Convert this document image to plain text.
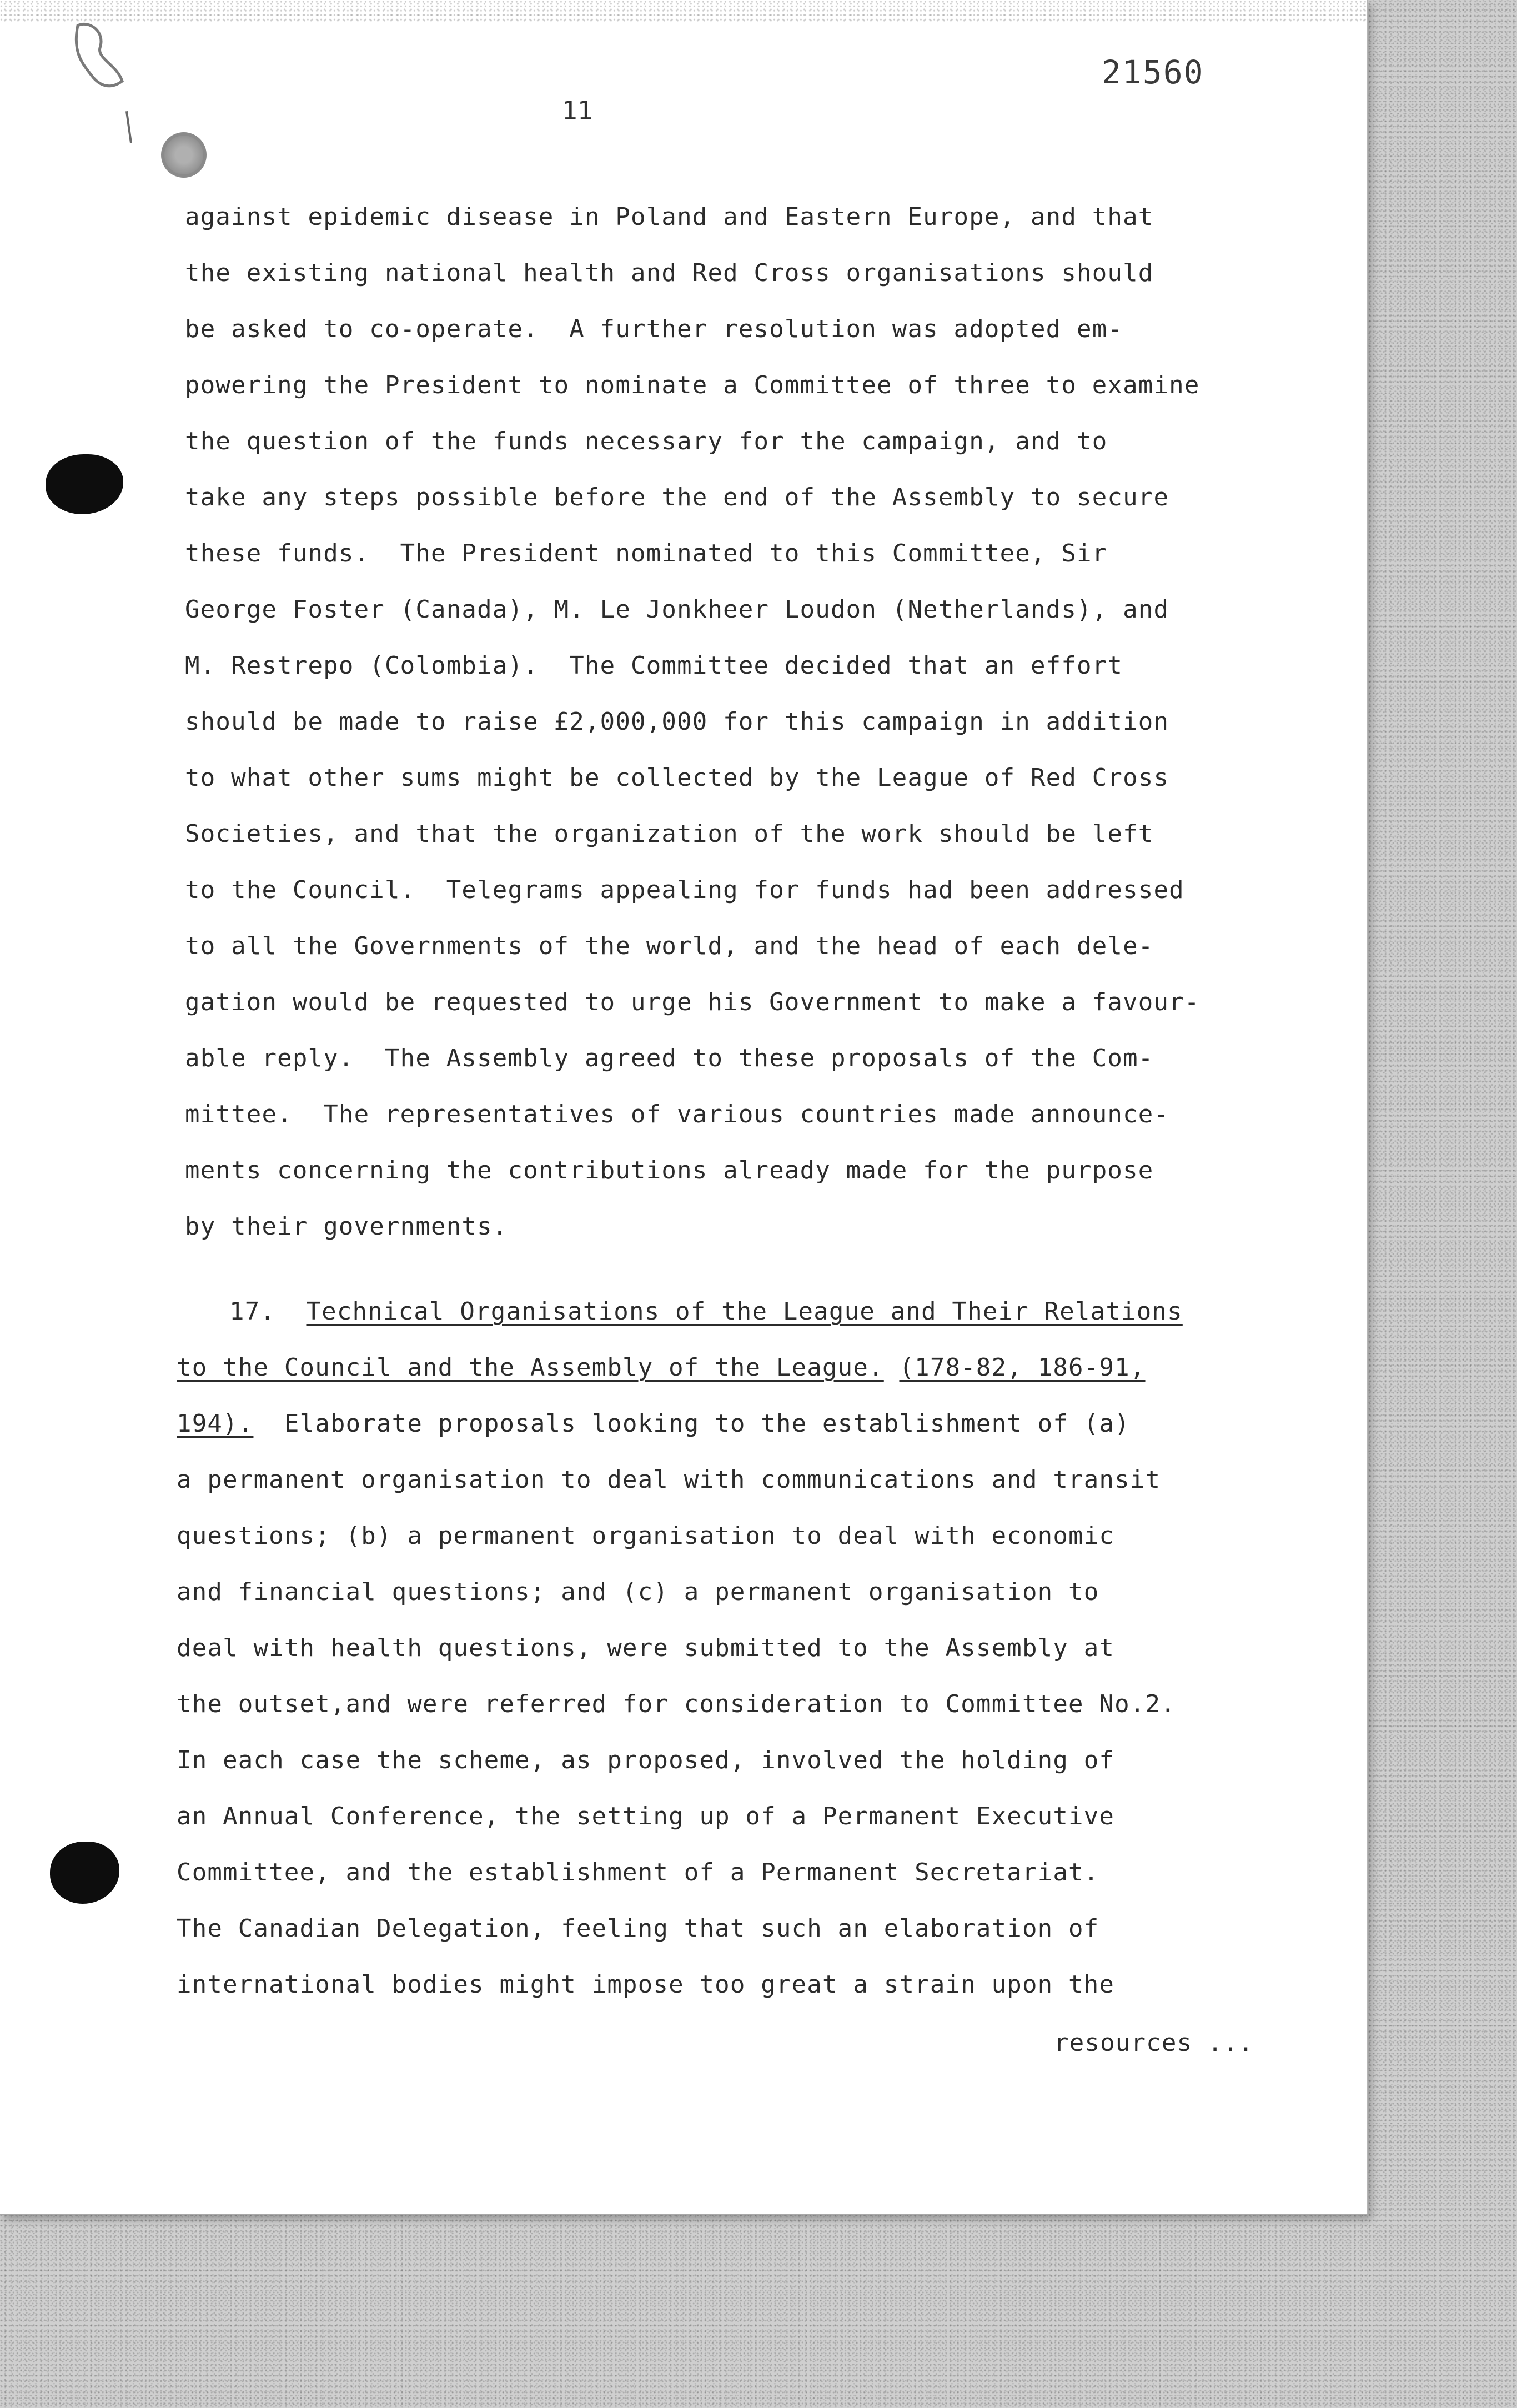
21560
11
against epidemic disease in Poland and Eastern Europe, and that
the existing national health and Red Cross organisations should
be asked to co-operate.  A further resolution was adopted em-
powering the President to nominate a Committee of three to examine
the question of the funds necessary for the campaign, and to
take any steps possible before the end of the Assembly to secure
these funds.  The President nominated to this Committee, Sir
George Foster (Canada), M. Le Jonkheer Loudon (Netherlands), and
M. Restrepo (Colombia).  The Committee decided that an effort
should be made to raise £2,000,000 for this campaign in addition
to what other sums might be collected by the League of Red Cross
Societies, and that the organization of the work should be left
to the Council.  Telegrams appealing for funds had been addressed
to all the Governments of the world, and the head of each dele-
gation would be requested to urge his Government to make a favour-
able reply.  The Assembly agreed to these proposals of the Com-
mittee.  The representatives of various countries made announce-
ments concerning the contributions already made for the purpose
by their governments.
17. Technical Organisations of the League and Their Relations
to the Council and the Assembly of the League. (178-82, 186-91,
194). Elaborate proposals looking to the establishment of (a)
a permanent organisation to deal with communications and transit
questions; (b) a permanent organisation to deal with economic
and financial questions; and (c) a permanent organisation to
deal with health questions, were submitted to the Assembly at
the outset,and were referred for consideration to Committee No.2.
In each case the scheme, as proposed, involved the holding of
an Annual Conference, the setting up of a Permanent Executive
Committee, and the establishment of a Permanent Secretariat.
The Canadian Delegation, feeling that such an elaboration of
international bodies might impose too great a strain upon the
resources ...
